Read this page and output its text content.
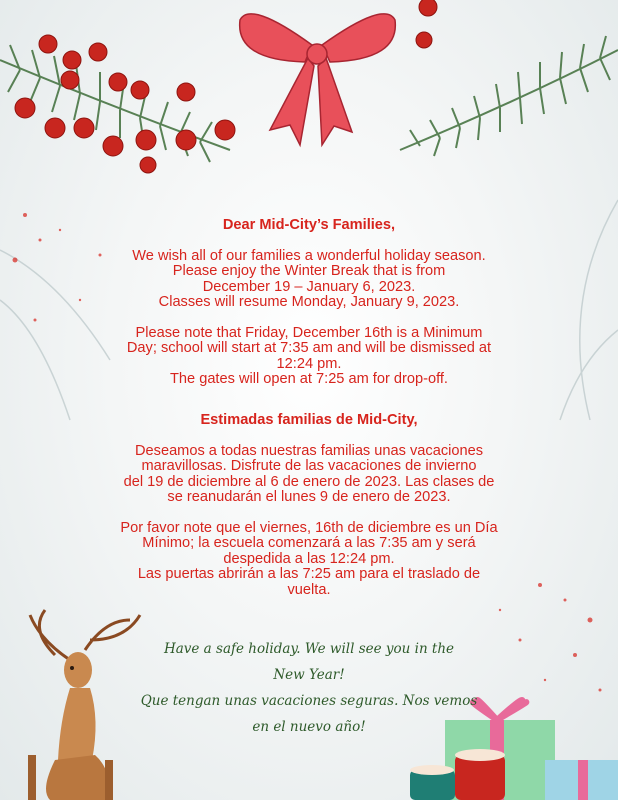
Dear Mid-City’s Families,
We wish all of our families a wonderful holiday season.
Please enjoy the Winter Break that is from
December 19 – January 6, 2023.
Classes will resume Monday, January 9, 2023.
Please note that Friday, December 16th is a Minimum
Day; school will start at 7:35 am and will be dismissed at
12:24 pm.
The gates will open at 7:25 am for drop-off.
Estimadas familias de Mid-City,
Deseamos a todas nuestras familias unas vacaciones
maravillosas. Disfrute de las vacaciones de invierno
del 19 de diciembre al 6 de enero de 2023. Las clases de
se reanudarán el lunes 9 de enero de 2023.
Por favor note que el viernes, 16th de diciembre es un Día
Mínimo; la escuela comenzará a las 7:35 am y será
despedida a las 12:24 pm.
Las puertas abrirán a las 7:25 am para el traslado de
vuelta.
Have a safe holiday. We will see you in the
New Year!
Que tengan unas vacaciones seguras. Nos vemos
en el nuevo año!
